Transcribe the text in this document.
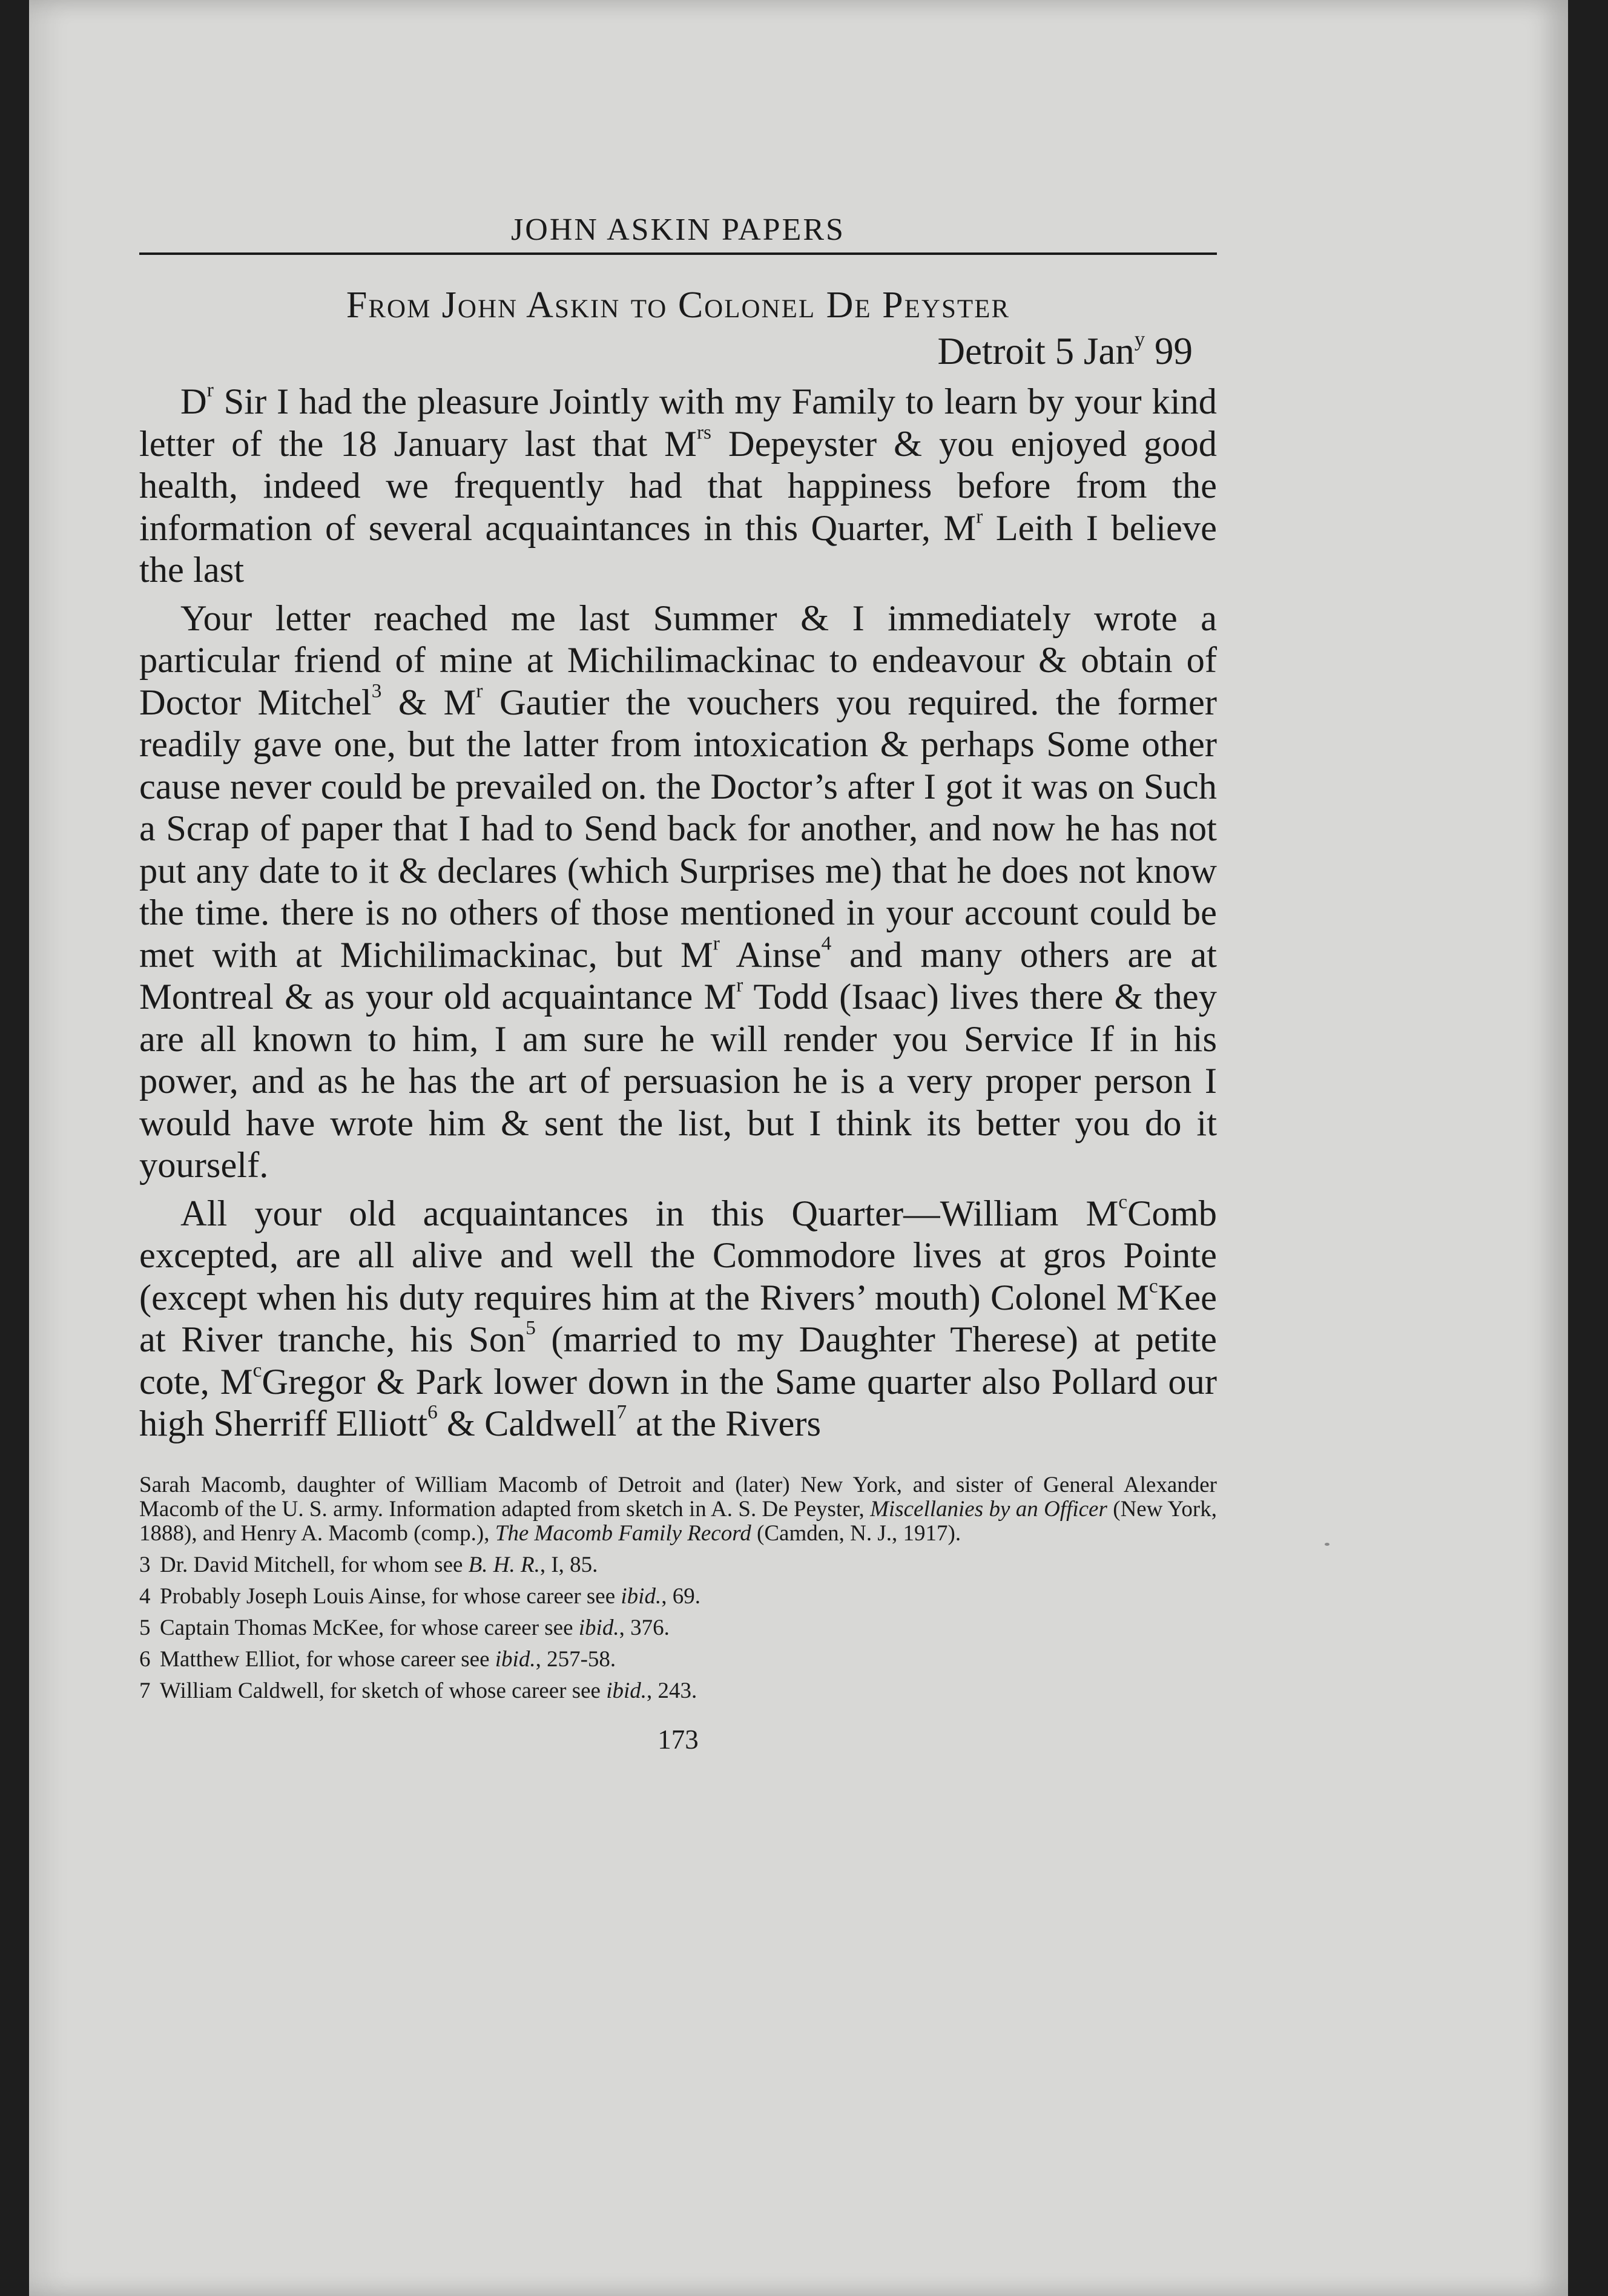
JOHN ASKIN PAPERS
From John Askin to Colonel De Peyster
Detroit 5 Jan$^y$ 99

$D^r$ Sir I had the pleasure Jointly with my Family to learn by your kind letter of the 18 January last that $M^{rs}$ Depeyster & you enjoyed good health, indeed we frequently had that happiness before from the information of several acquaintances in this Quarter, $M^r$ Leith I believe the last

Your letter reached me last Summer & I immediately wrote a particular friend of mine at Michilimackinac to endeavour & obtain of Doctor Mitchel$^3$ & $M^r$ Gautier the vouchers you required. the former readily gave one, but the latter from intoxication & perhaps Some other cause never could be prevailed on. the Doctor’s after I got it was on Such a Scrap of paper that I had to Send back for another, and now he has not put any date to it & declares (which Surprises me) that he does not know the time. there is no others of those mentioned in your account could be met with at Michilimackinac, but $M^r$ Ainse$^4$ and many others are at Montreal & as your old acquaintance $M^r$ Todd (Isaac) lives there & they are all known to him, I am sure he will render you Service If in his power, and as he has the art of persuasion he is a very proper person I would have wrote him & sent the list, but I think its better you do it yourself.

All your old acquaintances in this Quarter—William $M^cComb$ excepted, are all alive and well the Commodore lives at gros Pointe (except when his duty requires him at the Rivers’ mouth) Colonel $M^cKee$ at River tranche, his Son$^5$ (married to my Daughter Therese) at petite cote, $M^cGregor$ & Park lower down in the Same quarter also Pollard our high Sherriff Elliott$^6$ & Caldwell$^7$ at the Rivers

Sarah Macomb, daughter of William Macomb of Detroit and (later) New York, and sister of General Alexander Macomb of the U. S. army. Information adapted from sketch in A. S. De Peyster, Miscellanies by an Officer (New York, 1888), and Henry A. Macomb (comp.), The Macomb Family Record (Camden, N. J., 1917).

3 Dr. David Mitchell, for whom see B. H. R., I, 85.

4 Probably Joseph Louis Ainse, for whose career see ibid., 69.

5 Captain Thomas McKee, for whose career see ibid., 376.

6 Matthew Elliot, for whose career see ibid., 257-58.

7 William Caldwell, for sketch of whose career see ibid., 243.

173
